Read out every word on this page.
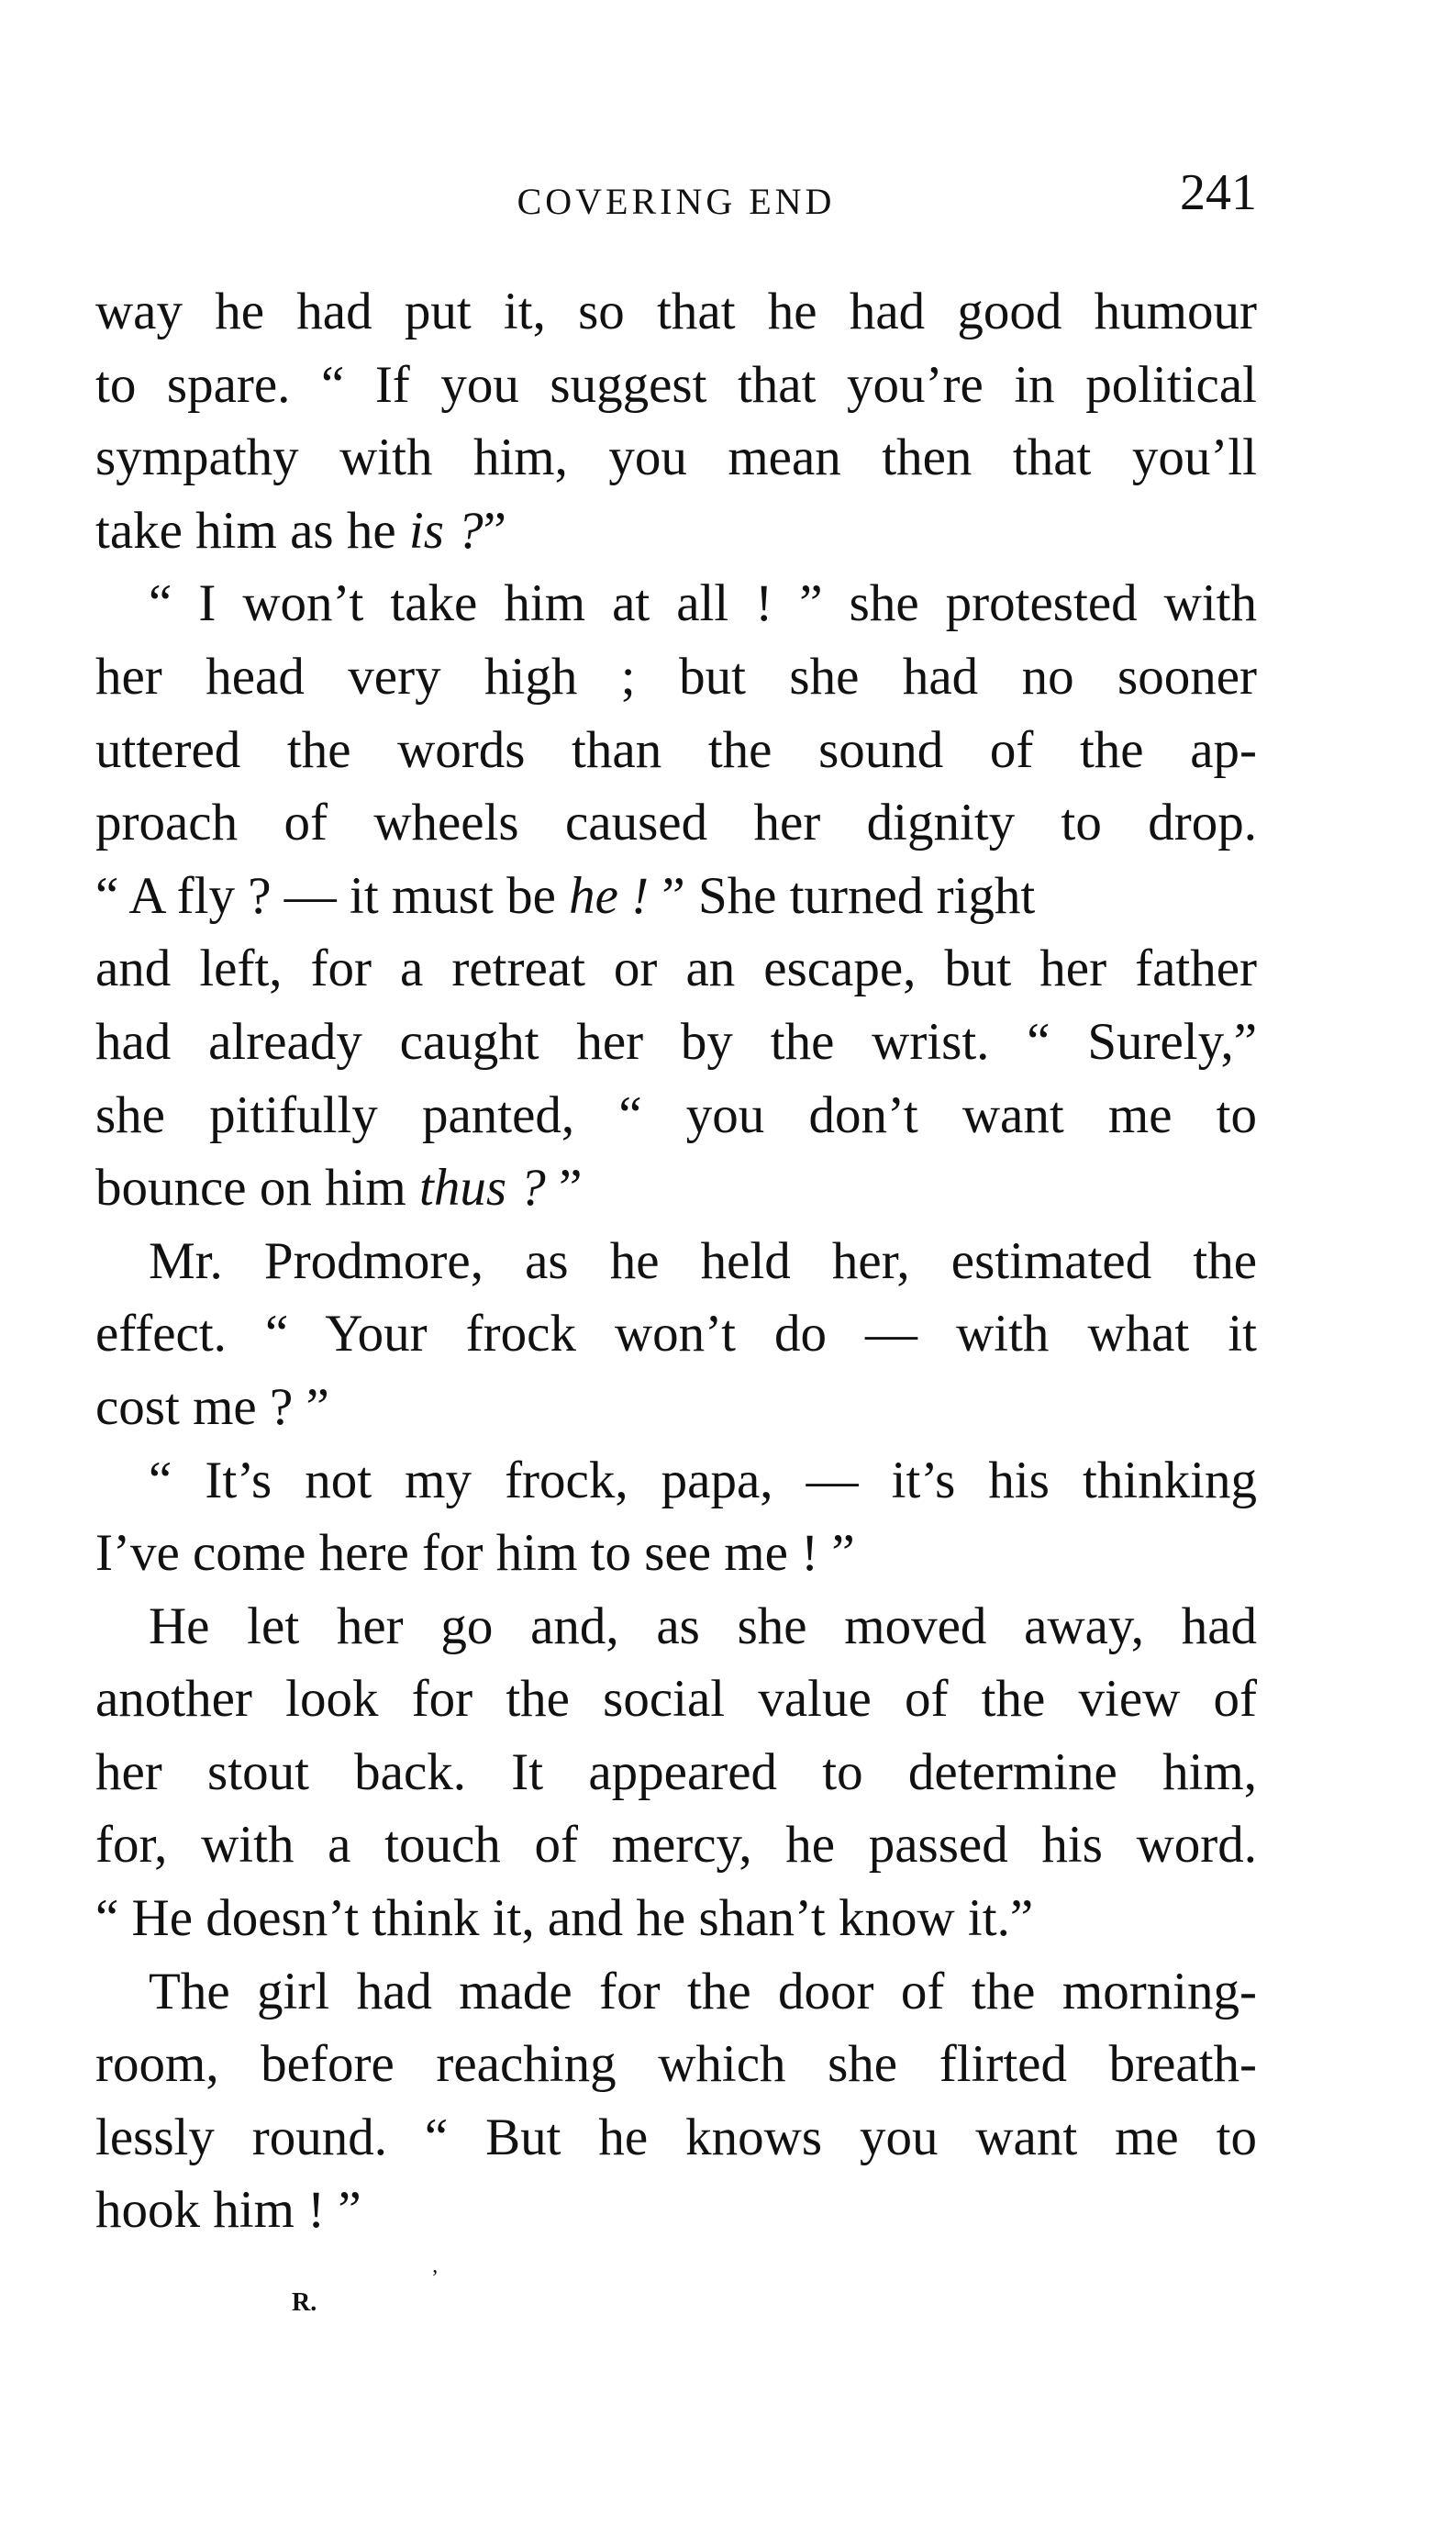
COVERING END	241
way he had put it, so that he had good humour
to spare. “ If you suggest that you’re in political
sympathy with him, you mean then that you’ll
take him as he is ?”
“ I won’t take him at all ! ” she protested with
her head very high ; but she had no sooner
uttered the words than the sound of the ap-
proach of wheels caused her dignity to drop.
“ A fly ? — it must be he ! ” She turned right
and left, for a retreat or an escape, but her father
had already caught her by the wrist. “ Surely,”
she pitifully panted, “ you don’t want me to
bounce on him thus ? ”
Mr. Prodmore, as he held her, estimated the
effect. “ Your frock won’t do — with what it
cost me ? ”
“ It’s not my frock, papa, — it’s his thinking
I’ve come here for him to see me ! ”
He let her go and, as she moved away, had
another look for the social value of the view of
her stout back. It appeared to determine him,
for, with a touch of mercy, he passed his word.
“ He doesn’t think it, and he shan’t know it.”
The girl had made for the door of the morning-
room, before reaching which she flirted breath-
lessly round. “ But he knows you want me to
hook him ! ”
’
R.
